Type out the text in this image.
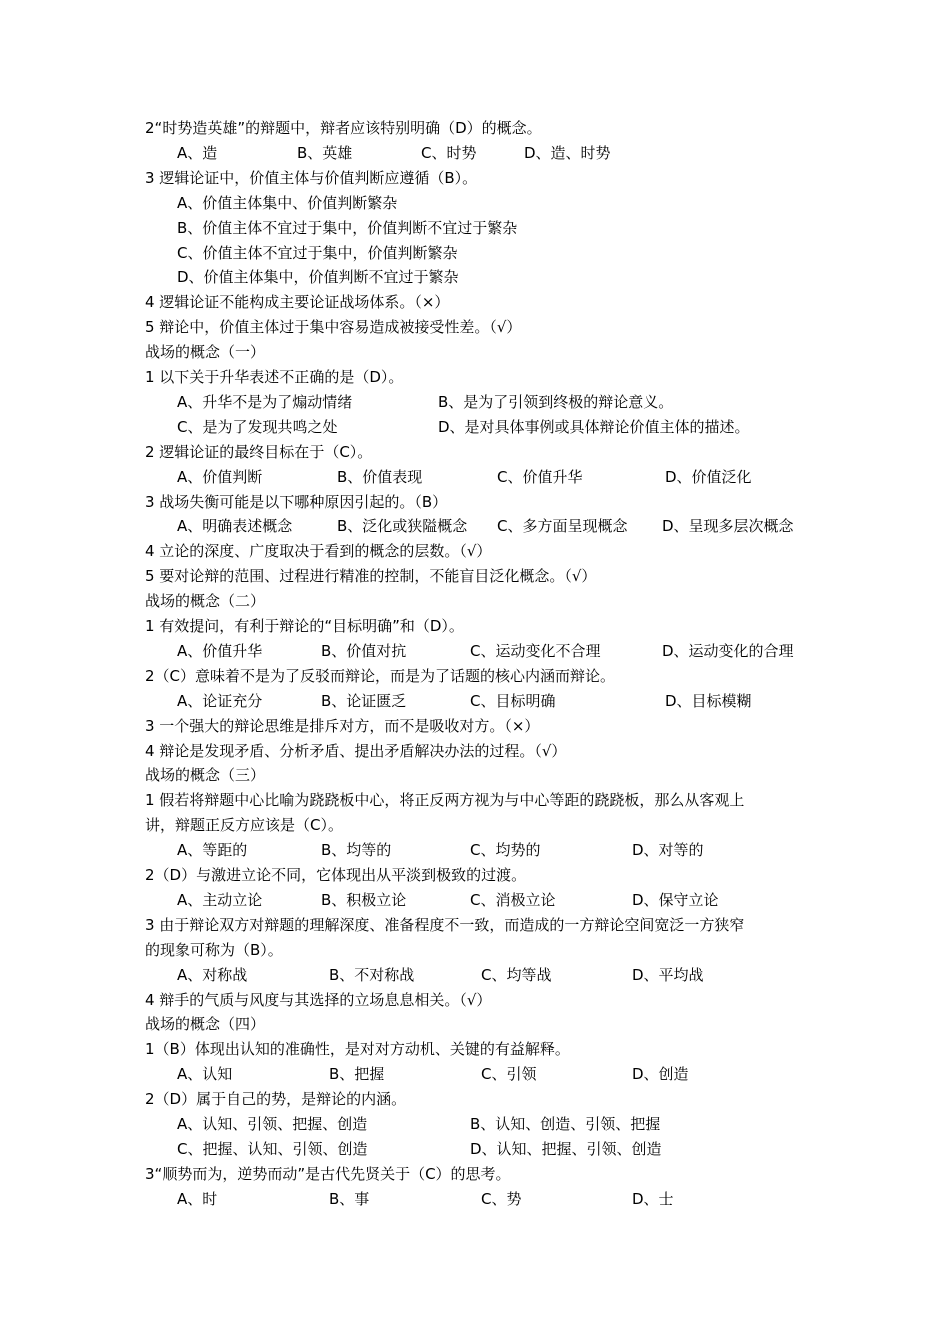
2“时势造英雄”的辩题中，辩者应该特别明确（D）的概念。
A、造	B、英雄	C、时势	D、造、时势
3 逻辑论证中，价值主体与价值判断应遵循（B）。
A、价值主体集中、价值判断繁杂
B、价值主体不宜过于集中，价值判断不宜过于繁杂
C、价值主体不宜过于集中，价值判断繁杂
D、价值主体集中，价值判断不宜过于繁杂
4 逻辑论证不能构成主要论证战场体系。（×）
5 辩论中，价值主体过于集中容易造成被接受性差。（√）
战场的概念（一）
1 以下关于升华表述不正确的是（D）。
A、升华不是为了煽动情绪	B、是为了引领到终极的辩论意义。
C、是为了发现共鸣之处	D、是对具体事例或具体辩论价值主体的描述。
2 逻辑论证的最终目标在于（C）。
A、价值判断	B、价值表现	C、价值升华	D、价值泛化
3 战场失衡可能是以下哪种原因引起的。（B）
A、明确表述概念	B、泛化或狭隘概念 C、多方面呈现概念 D、呈现多层次概念
4 立论的深度、广度取决于看到的概念的层数。（√）
5 要对论辩的范围、过程进行精准的控制，不能盲目泛化概念。（√）
战场的概念（二）
1 有效提问，有利于辩论的“目标明确”和（D）。
A、价值升华	B、价值对抗	C、运动变化不合理	D、运动变化的合理
2（C）意味着不是为了反驳而辩论，而是为了话题的核心内涵而辩论。
A、论证充分	B、论证匮乏	C、目标明确	D、目标模糊
3 一个强大的辩论思维是排斥对方，而不是吸收对方。（×）
4 辩论是发现矛盾、分析矛盾、提出矛盾解决办法的过程。（√）
战场的概念（三）
1 假若将辩题中心比喻为跷跷板中心，将正反两方视为与中心等距的跷跷板，那么从客观上
讲，辩题正反方应该是（C）。
A、等距的	B、均等的	C、均势的	D、对等的
2（D）与激进立论不同，它体现出从平淡到极致的过渡。
A、主动立论	B、积极立论	C、消极立论	D、保守立论
3 由于辩论双方对辩题的理解深度、准备程度不一致，而造成的一方辩论空间宽泛一方狭窄
的现象可称为（B）。
A、对称战	B、不对称战	C、均等战	D、平均战
4 辩手的气质与风度与其选择的立场息息相关。（√）
战场的概念（四）
1（B）体现出认知的准确性，是对对方动机、关键的有益解释。
A、认知	B、把握	C、引领	D、创造
2（D）属于自己的势，是辩论的内涵。
A、认知、引领、把握、创造	B、认知、创造、引领、把握
C、把握、认知、引领、创造	D、认知、把握、引领、创造
3“顺势而为，逆势而动”是古代先贤关于（C）的思考。
A、时	B、事	C、势	D、士
